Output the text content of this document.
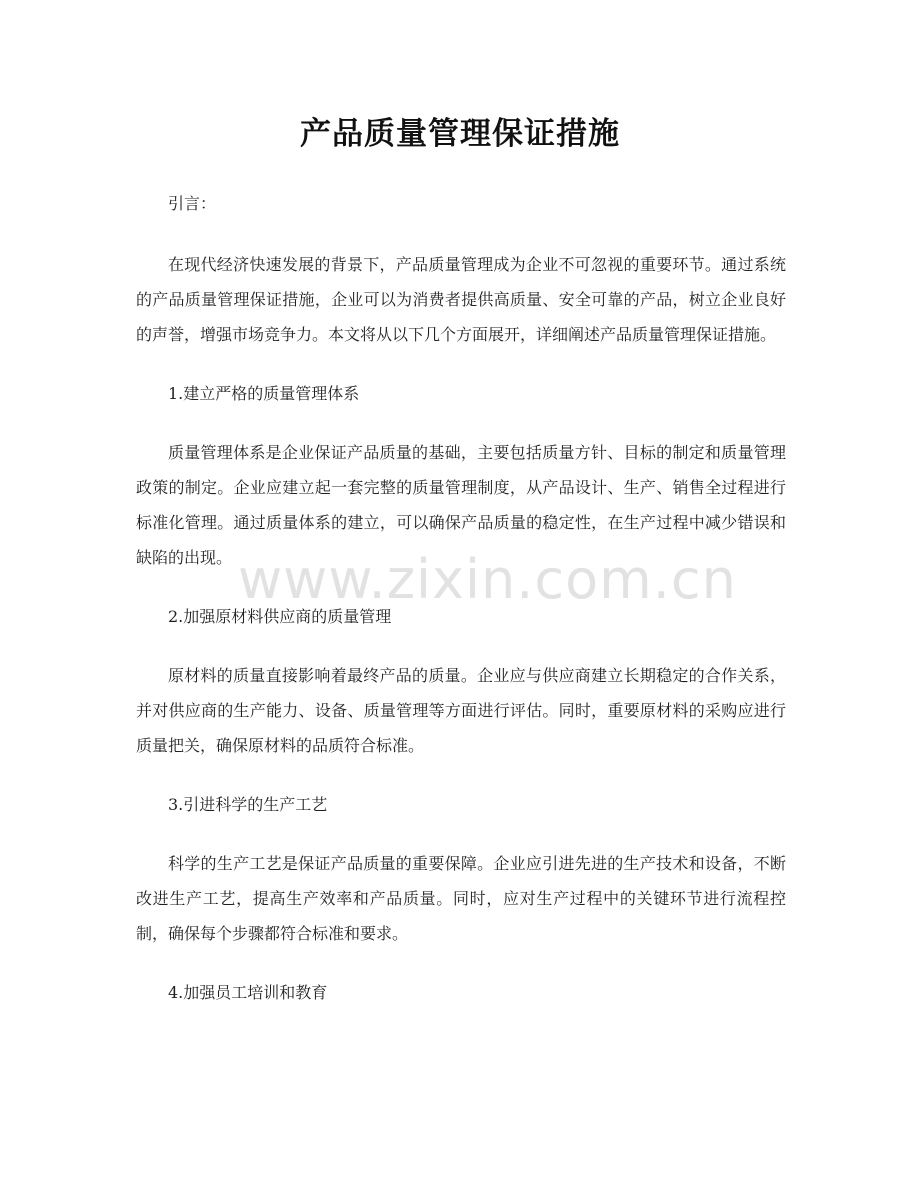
产品质量管理保证措施

引言：

在现代经济快速发展的背景下，产品质量管理成为企业不可忽视的重要环节。通过系统的产品质量管理保证措施，企业可以为消费者提供高质量、安全可靠的产品，树立企业良好的声誉，增强市场竞争力。本文将从以下几个方面展开，详细阐述产品质量管理保证措施。

1.建立严格的质量管理体系

质量管理体系是企业保证产品质量的基础，主要包括质量方针、目标的制定和质量管理政策的制定。企业应建立起一套完整的质量管理制度，从产品设计、生产、销售全过程进行标准化管理。通过质量体系的建立，可以确保产品质量的稳定性，在生产过程中减少错误和缺陷的出现。

2.加强原材料供应商的质量管理

原材料的质量直接影响着最终产品的质量。企业应与供应商建立长期稳定的合作关系，并对供应商的生产能力、设备、质量管理等方面进行评估。同时，重要原材料的采购应进行质量把关，确保原材料的品质符合标准。

3.引进科学的生产工艺

科学的生产工艺是保证产品质量的重要保障。企业应引进先进的生产技术和设备，不断改进生产工艺，提高生产效率和产品质量。同时，应对生产过程中的关键环节进行流程控制，确保每个步骤都符合标准和要求。

4.加强员工培训和教育

www.zixin.com.cn
